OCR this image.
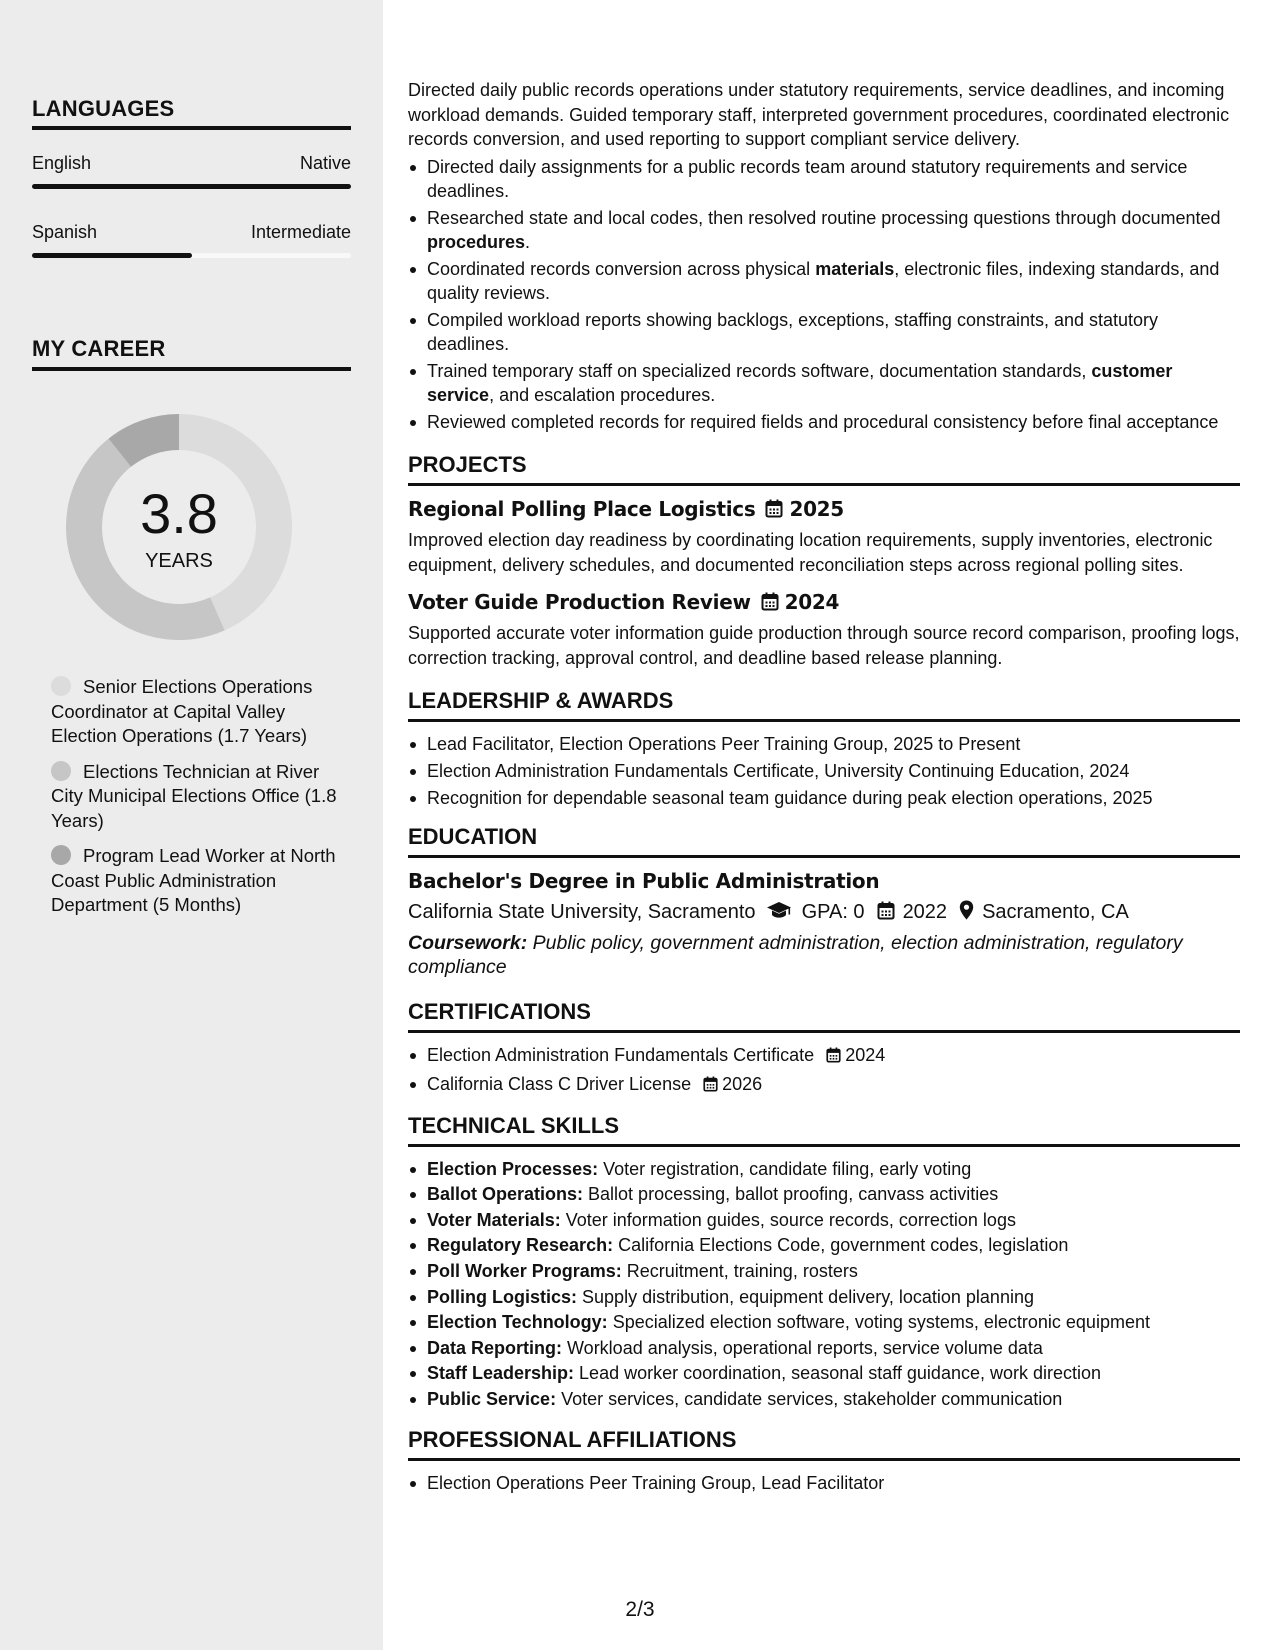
LANGUAGES
English	Native
Spanish	Intermediate
MY CAREER
3.8
YEARS
Senior Elections Operations Coordinator at Capital Valley Election Operations (1.7 Years)
Elections Technician at River City Municipal Elections Office (1.8 Years)
Program Lead Worker at North Coast Public Administration Department (5 Months)

Directed daily public records operations under statutory requirements, service deadlines, and incoming workload demands. Guided temporary staff, interpreted government procedures, coordinated electronic records conversion, and used reporting to support compliant service delivery.

Directed daily assignments for a public records team around statutory requirements and service deadlines.
Researched state and local codes, then resolved routine processing questions through documented procedures.
Coordinated records conversion across physical materials, electronic files, indexing standards, and quality reviews.
Compiled workload reports showing backlogs, exceptions, staffing constraints, and statutory deadlines.
Trained temporary staff on specialized records software, documentation standards, customer service, and escalation procedures.
Reviewed completed records for required fields and procedural consistency before final acceptance
PROJECTS
Regional Polling Place Logistics 2025

Improved election day readiness by coordinating location requirements, supply inventories, electronic equipment, delivery schedules, and documented reconciliation steps across regional polling sites.

Voter Guide Production Review 2024

Supported accurate voter information guide production through source record comparison, proofing logs, correction tracking, approval control, and deadline based release planning.

LEADERSHIP & AWARDS
Lead Facilitator, Election Operations Peer Training Group, 2025 to Present
Election Administration Fundamentals Certificate, University Continuing Education, 2024
Recognition for dependable seasonal team guidance during peak election operations, 2025
EDUCATION
Bachelor's Degree in Public Administration
California State University, Sacramento GPA: 0 2022 Sacramento, CA

Coursework: Public policy, government administration, election administration, regulatory compliance

CERTIFICATIONS
Election Administration Fundamentals Certificate 2024
California Class C Driver License 2026
TECHNICAL SKILLS
Election Processes: Voter registration, candidate filing, early voting
Ballot Operations: Ballot processing, ballot proofing, canvass activities
Voter Materials: Voter information guides, source records, correction logs
Regulatory Research: California Elections Code, government codes, legislation
Poll Worker Programs: Recruitment, training, rosters
Polling Logistics: Supply distribution, equipment delivery, location planning
Election Technology: Specialized election software, voting systems, electronic equipment
Data Reporting: Workload analysis, operational reports, service volume data
Staff Leadership: Lead worker coordination, seasonal staff guidance, work direction
Public Service: Voter services, candidate services, stakeholder communication
PROFESSIONAL AFFILIATIONS
Election Operations Peer Training Group, Lead Facilitator
2/3
